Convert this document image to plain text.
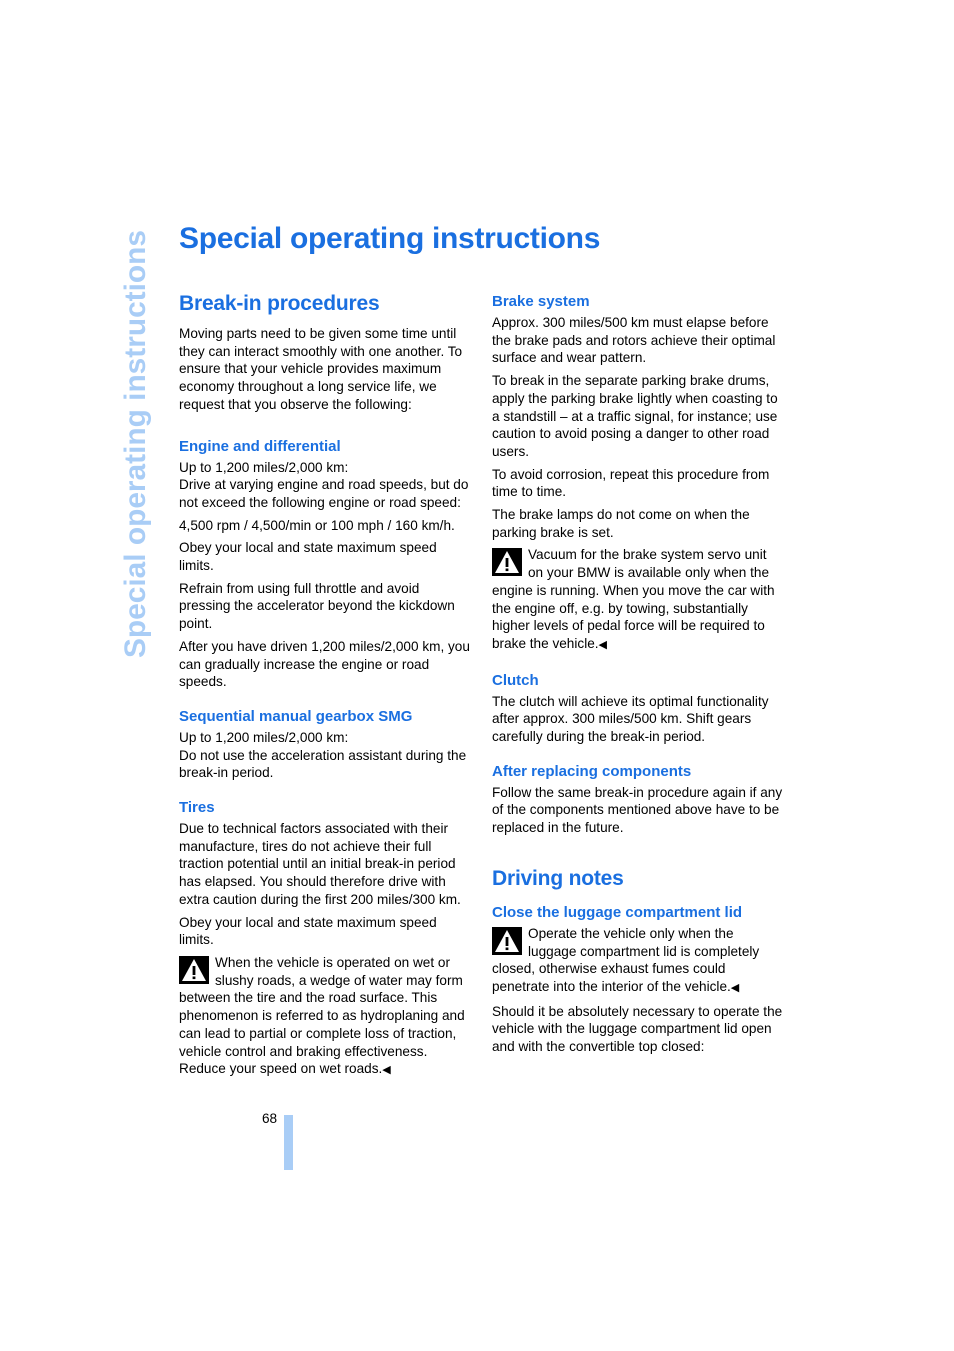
Special operating instructions Special operating instructions
Break-in procedures

Moving parts need to be given some time until they can interact smoothly with one another. To ensure that your vehicle provides maximum economy throughout a long service life, we request that you observe the following:

Engine and differential

Up to 1,200 miles/2,000 km:

Drive at varying engine and road speeds, but do not exceed the following engine or road speed:

4,500 rpm / 4,500/min or 100 mph / 160 km/h.

Obey your local and state maximum speed limits.

Refrain from using full throttle and avoid pressing the accelerator beyond the kickdown point.

After you have driven 1,200 miles/2,000 km, you can gradually increase the engine or road speeds.

Sequential manual gearbox SMG

Up to 1,200 miles/2,000 km:

Do not use the acceleration assistant during the break-in period.

Tires

Due to technical factors associated with their manufacture, tires do not achieve their full traction potential until an initial break-in period has elapsed. You should therefore drive with extra caution during the first 200 miles/300 km.

Obey your local and state maximum speed limits.

When the vehicle is operated on wet or slushy roads, a wedge of water may form between the tire and the road surface. This phenomenon is referred to as hydroplaning and can lead to partial or complete loss of traction, vehicle control and braking effectiveness. Reduce your speed on wet roads.◀

Brake system

Approx. 300 miles/500 km must elapse before the brake pads and rotors achieve their optimal surface and wear pattern.

To break in the separate parking brake drums, apply the parking brake lightly when coasting to a standstill – at a traffic signal, for instance; use caution to avoid posing a danger to other road users.

To avoid corrosion, repeat this procedure from time to time.

The brake lamps do not come on when the parking brake is set.

Vacuum for the brake system servo unit on your BMW is available only when the engine is running. When you move the car with the engine off, e.g. by towing, substantially higher levels of pedal force will be required to brake the vehicle.◀

Clutch

The clutch will achieve its optimal functionality after approx. 300 miles/500 km. Shift gears carefully during the break-in period.

After replacing components

Follow the same break-in procedure again if any of the components mentioned above have to be replaced in the future.

Driving notes
Close the luggage compartment lid

Operate the vehicle only when the luggage compartment lid is completely closed, otherwise exhaust fumes could penetrate into the interior of the vehicle.◀

Should it be absolutely necessary to operate the vehicle with the luggage compartment lid open and with the convertible top closed:

68
